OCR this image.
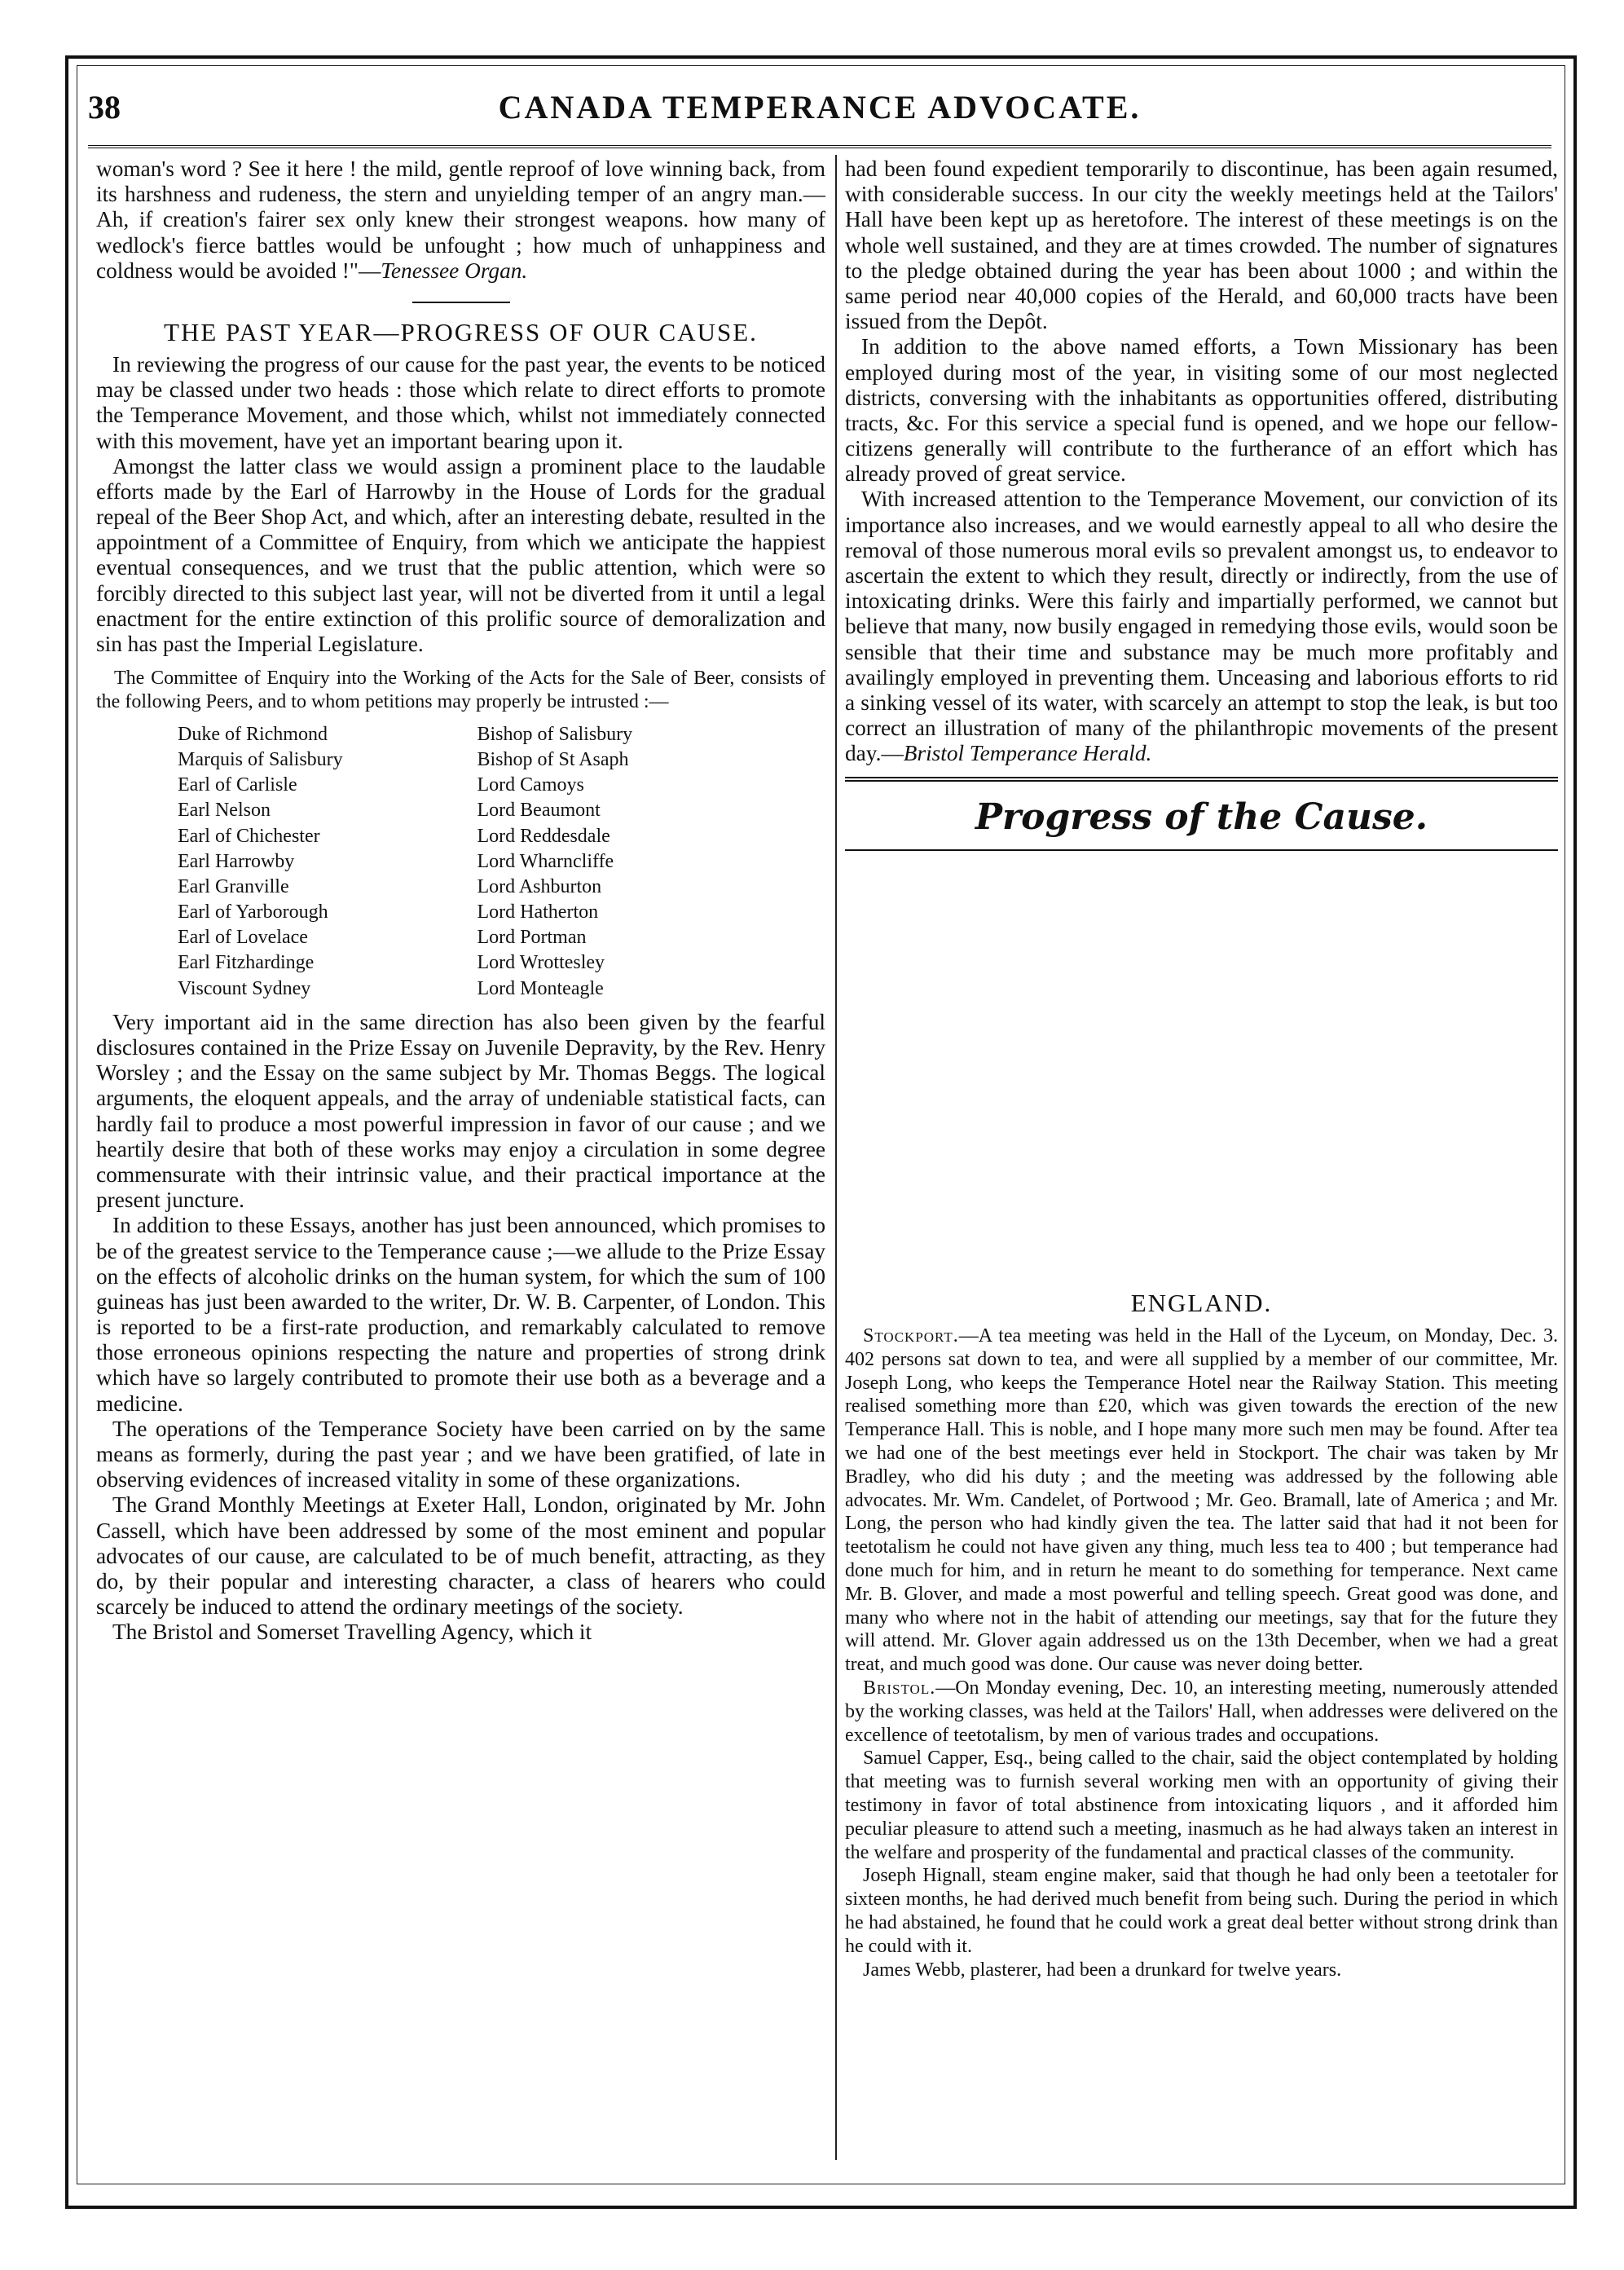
38	CANADA TEMPERANCE ADVOCATE.

woman's word ? See it here ! the mild, gentle reproof of love winning back, from its harshness and rudeness, the stern and unyielding temper of an angry man.—Ah, if creation's fairer sex only knew their strongest weapons. how many of wedlock's fierce battles would be unfought ; how much of unhappiness and coldness would be avoided !"—Tenessee Organ.

THE PAST YEAR—PROGRESS OF OUR CAUSE.

In reviewing the progress of our cause for the past year, the events to be noticed may be classed under two heads : those which relate to direct efforts to promote the Temperance Movement, and those which, whilst not immediately connected with this movement, have yet an important bearing upon it.

Amongst the latter class we would assign a prominent place to the laudable efforts made by the Earl of Harrowby in the House of Lords for the gradual repeal of the Beer Shop Act, and which, after an interesting debate, resulted in the appointment of a Committee of Enquiry, from which we anticipate the happiest eventual consequences, and we trust that the public attention, which were so forcibly directed to this subject last year, will not be diverted from it until a legal enactment for the entire extinction of this prolific source of demoralization and sin has past the Imperial Legislature.

The Committee of Enquiry into the Working of the Acts for the Sale of Beer, consists of the following Peers, and to whom petitions may properly be intrusted :—

Duke of Richmond	Bishop of Salisbury
Marquis of Salisbury	Bishop of St Asaph
Earl of Carlisle	Lord Camoys
Earl Nelson	Lord Beaumont
Earl of Chichester	Lord Reddesdale
Earl Harrowby	Lord Wharncliffe
Earl Granville	Lord Ashburton
Earl of Yarborough	Lord Hatherton
Earl of Lovelace	Lord Portman
Earl Fitzhardinge	Lord Wrottesley
Viscount Sydney	Lord Monteagle

Very important aid in the same direction has also been given by the fearful disclosures contained in the Prize Essay on Juvenile Depravity, by the Rev. Henry Worsley ; and the Essay on the same subject by Mr. Thomas Beggs. The logical arguments, the eloquent appeals, and the array of undeniable statistical facts, can hardly fail to produce a most powerful impression in favor of our cause ; and we heartily desire that both of these works may enjoy a circulation in some degree commensurate with their intrinsic value, and their practical importance at the present juncture.

In addition to these Essays, another has just been announced, which promises to be of the greatest service to the Temperance cause ;—we allude to the Prize Essay on the effects of alcoholic drinks on the human system, for which the sum of 100 guineas has just been awarded to the writer, Dr. W. B. Carpenter, of London. This is reported to be a first-rate production, and remarkably calculated to remove those erroneous opinions respecting the nature and properties of strong drink which have so largely contributed to promote their use both as a beverage and a medicine.

The operations of the Temperance Society have been carried on by the same means as formerly, during the past year ; and we have been gratified, of late in observing evidences of increased vitality in some of these organizations.

The Grand Monthly Meetings at Exeter Hall, London, originated by Mr. John Cassell, which have been addressed by some of the most eminent and popular advocates of our cause, are calculated to be of much benefit, attracting, as they do, by their popular and interesting character, a class of hearers who could scarcely be induced to attend the ordinary meetings of the society.

The Bristol and Somerset Travelling Agency, which it

had been found expedient temporarily to discontinue, has been again resumed, with considerable success. In our city the weekly meetings held at the Tailors' Hall have been kept up as heretofore. The interest of these meetings is on the whole well sustained, and they are at times crowded. The number of signatures to the pledge obtained during the year has been about 1000 ; and within the same period near 40,000 copies of the Herald, and 60,000 tracts have been issued from the Depôt.

In addition to the above named efforts, a Town Missionary has been employed during most of the year, in visiting some of our most neglected districts, conversing with the inhabitants as opportunities offered, distributing tracts, &c. For this service a special fund is opened, and we hope our fellow-citizens generally will contribute to the furtherance of an effort which has already proved of great service.

With increased attention to the Temperance Movement, our conviction of its importance also increases, and we would earnestly appeal to all who desire the removal of those numerous moral evils so prevalent amongst us, to endeavor to ascertain the extent to which they result, directly or indirectly, from the use of intoxicating drinks. Were this fairly and impartially performed, we cannot but believe that many, now busily engaged in remedying those evils, would soon be sensible that their time and substance may be much more profitably and availingly employed in preventing them. Unceasing and laborious efforts to rid a sinking vessel of its water, with scarcely an attempt to stop the leak, is but too correct an illustration of many of the philanthropic movements of the present day.—Bristol Temperance Herald.

Progress of the Cause.
ENGLAND.

Stockport.—A tea meeting was held in the Hall of the Lyceum, on Monday, Dec. 3. 402 persons sat down to tea, and were all supplied by a member of our committee, Mr. Joseph Long, who keeps the Temperance Hotel near the Railway Station. This meeting realised something more than £20, which was given towards the erection of the new Temperance Hall. This is noble, and I hope many more such men may be found. After tea we had one of the best meetings ever held in Stockport. The chair was taken by Mr Bradley, who did his duty ; and the meeting was addressed by the following able advocates. Mr. Wm. Candelet, of Portwood ; Mr. Geo. Bramall, late of America ; and Mr. Long, the person who had kindly given the tea. The latter said that had it not been for teetotalism he could not have given any thing, much less tea to 400 ; but temperance had done much for him, and in return he meant to do something for temperance. Next came Mr. B. Glover, and made a most powerful and telling speech. Great good was done, and many who where not in the habit of attending our meetings, say that for the future they will attend. Mr. Glover again addressed us on the 13th December, when we had a great treat, and much good was done. Our cause was never doing better.

Bristol.—On Monday evening, Dec. 10, an interesting meeting, numerously attended by the working classes, was held at the Tailors' Hall, when addresses were delivered on the excellence of teetotalism, by men of various trades and occupations.

Samuel Capper, Esq., being called to the chair, said the object contemplated by holding that meeting was to furnish several working men with an opportunity of giving their testimony in favor of total abstinence from intoxicating liquors , and it afforded him peculiar pleasure to attend such a meeting, inasmuch as he had always taken an interest in the welfare and prosperity of the fundamental and practical classes of the community.

Joseph Hignall, steam engine maker, said that though he had only been a teetotaler for sixteen months, he had derived much benefit from being such. During the period in which he had abstained, he found that he could work a great deal better without strong drink than he could with it.

James Webb, plasterer, had been a drunkard for twelve years.
